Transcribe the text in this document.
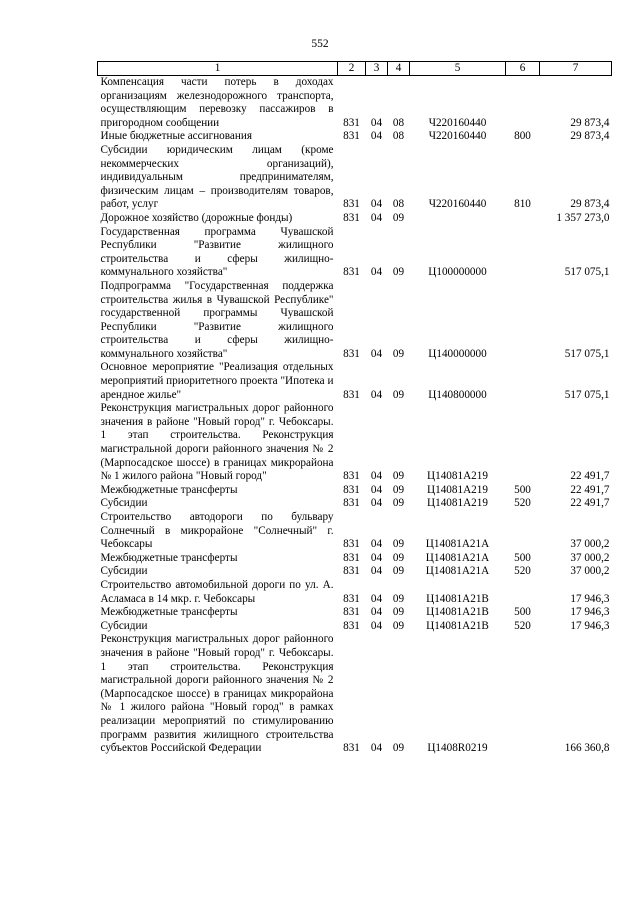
552
1	2	3	4	5	6	7
Компенсация части потерь в доходах организациям железнодорожного транспорта, осуществляющим перевозку пассажиров в пригородном сообщении	831	04	08	Ч220160440		29 873,4
Иные бюджетные ассигнования	831	04	08	Ч220160440	800	29 873,4
Субсидии юридическим лицам (кроме некоммерческих организаций), индивидуальным предпринимателям, физическим лицам – производителям товаров, работ, услуг	831	04	08	Ч220160440	810	29 873,4
Дорожное хозяйство (дорожные фонды)	831	04	09			1 357 273,0
Государственная программа Чувашской Республики "Развитие жилищного строительства и сферы жилищно-коммунального хозяйства"	831	04	09	Ц100000000		517 075,1
Подпрограмма "Государственная поддержка строительства жилья в Чувашской Республике" государственной программы Чувашской Республики "Развитие жилищного строительства и сферы жилищно-коммунального хозяйства"	831	04	09	Ц140000000		517 075,1
Основное мероприятие "Реализация отдельных мероприятий приоритетного проекта "Ипотека и арендное жилье"	831	04	09	Ц140800000		517 075,1
Реконструкция магистральных дорог районного значения в районе "Новый город" г. Чебоксары. 1 этап строительства. Реконструкция магистральной дороги районного значения № 2 (Марпосадское шоссе) в границах микрорайона № 1 жилого района "Новый город"	831	04	09	Ц14081А219		22 491,7
Межбюджетные трансферты	831	04	09	Ц14081А219	500	22 491,7
Субсидии	831	04	09	Ц14081А219	520	22 491,7
Строительство автодороги по бульвару Солнечный в микрорайоне "Солнечный" г. Чебоксары	831	04	09	Ц14081А21А		37 000,2
Межбюджетные трансферты	831	04	09	Ц14081А21А	500	37 000,2
Субсидии	831	04	09	Ц14081А21А	520	37 000,2
Строительство автомобильной дороги по ул. А. Асламаса в 14 мкр. г. Чебоксары	831	04	09	Ц14081А21В		17 946,3
Межбюджетные трансферты	831	04	09	Ц14081А21В	500	17 946,3
Субсидии	831	04	09	Ц14081А21В	520	17 946,3
Реконструкция магистральных дорог районного значения в районе "Новый город" г. Чебоксары. 1 этап строительства. Реконструкция магистральной дороги районного значения № 2 (Марпосадское шоссе) в границах микрорайона № 1 жилого района "Новый город" в рамках реализации мероприятий по стимулированию программ развития жилищного строительства субъектов Российской Федерации	831	04	09	Ц1408R0219		166 360,8
